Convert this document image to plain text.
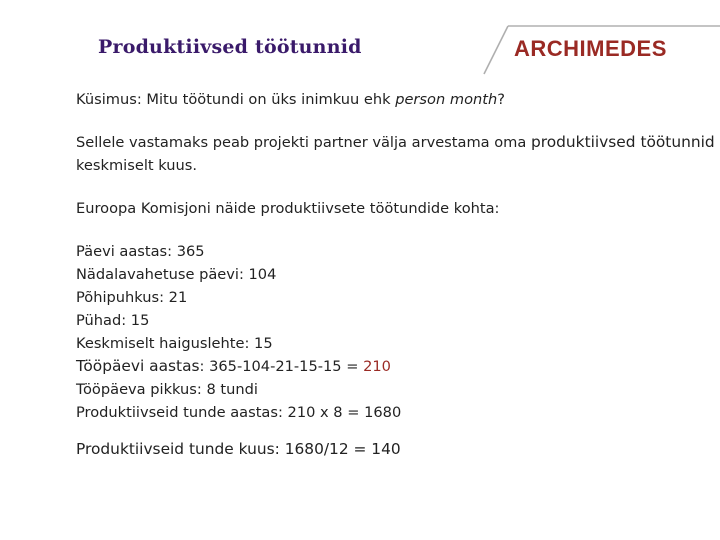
Produktiivsed töötunnid	ARCHIMEDES

Küsimus: Mitu töötundi on üks inimkuu ehk person month?

Sellele vastamaks peab projekti partner välja arvestama oma produktiivsed töötunnid keskmiselt kuus.

Euroopa Komisjoni näide produktiivsete töötundide kohta:

Päevi aastas: 365

Nädalavahetuse päevi: 104

Põhipuhkus: 21

Pühad: 15

Keskmiselt haiguslehte: 15

Tööpäevi aastas: 365-104-21-15-15 = 210

Tööpäeva pikkus: 8 tundi

Produktiivseid tunde aastas: 210 x 8 = 1680

Produktiivseid tunde kuus: 1680/12 = 140
